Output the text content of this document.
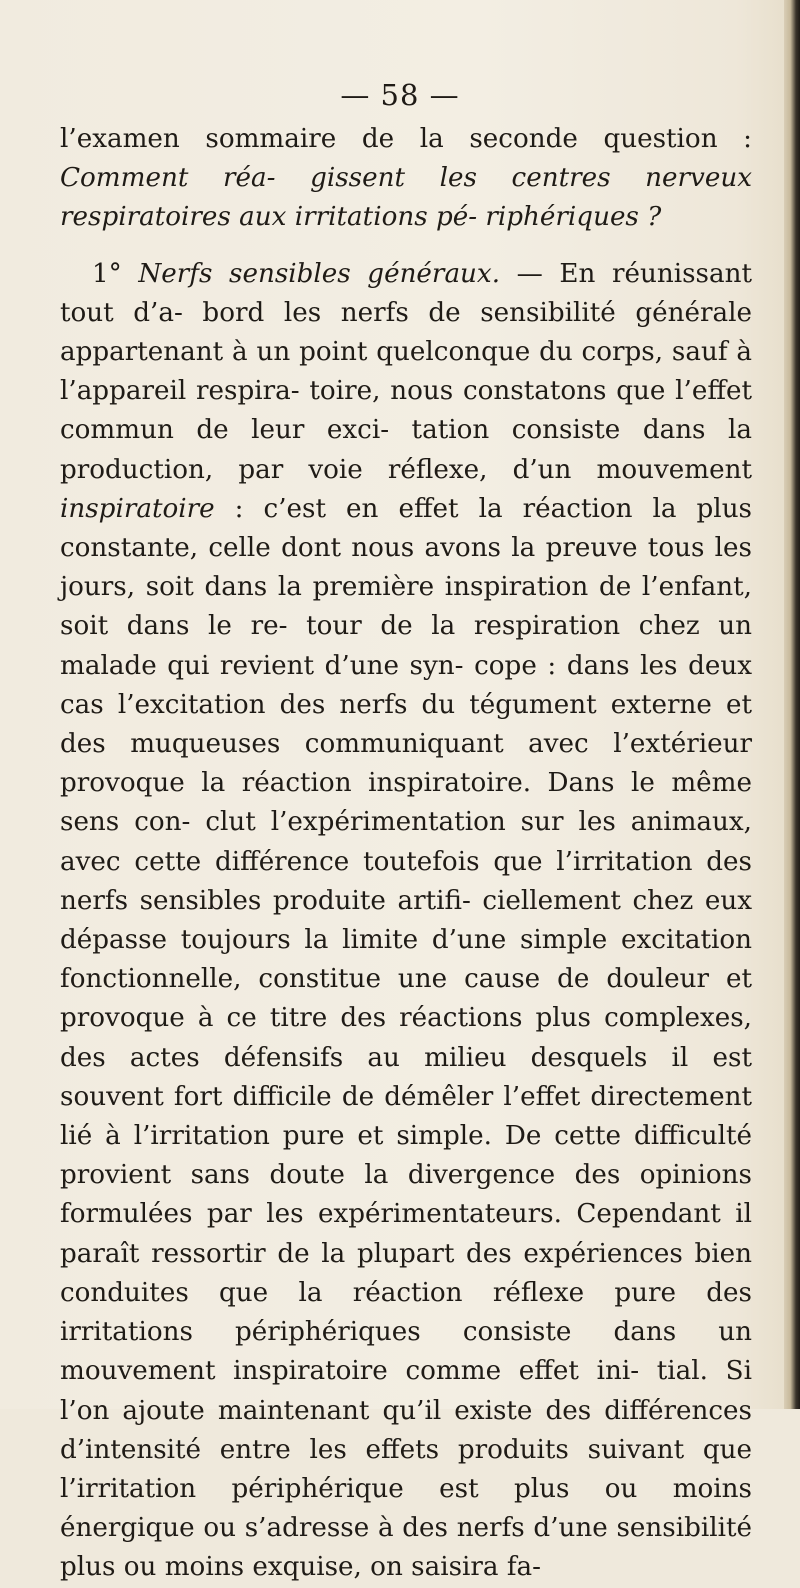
— 58 —

l’examen sommaire de la seconde question : Comment réa- gissent les centres nerveux respiratoires aux irritations pé- riphériques ?

1° Nerfs sensibles généraux. — En réunissant tout d’a- bord les nerfs de sensibilité générale appartenant à un point quelconque du corps, sauf à l’appareil respira- toire, nous constatons que l’effet commun de leur exci- tation consiste dans la production, par voie réflexe, d’un mouvement inspiratoire : c’est en effet la réaction la plus constante, celle dont nous avons la preuve tous les jours, soit dans la première inspiration de l’enfant, soit dans le re- tour de la respiration chez un malade qui revient d’une syn- cope : dans les deux cas l’excitation des nerfs du tégument externe et des muqueuses communiquant avec l’extérieur provoque la réaction inspiratoire. Dans le même sens con- clut l’expérimentation sur les animaux, avec cette différence toutefois que l’irritation des nerfs sensibles produite artifi- ciellement chez eux dépasse toujours la limite d’une simple excitation fonctionnelle, constitue une cause de douleur et provoque à ce titre des réactions plus complexes, des actes défensifs au milieu desquels il est souvent fort difficile de démêler l’effet directement lié à l’irritation pure et simple. De cette difficulté provient sans doute la divergence des opinions formulées par les expérimentateurs. Cependant il paraît ressortir de la plupart des expériences bien conduites que la réaction réflexe pure des irritations périphériques consiste dans un mouvement inspiratoire comme effet ini- tial. Si l’on ajoute maintenant qu’il existe des différences d’intensité entre les effets produits suivant que l’irritation périphérique est plus ou moins énergique ou s’adresse à des nerfs d’une sensibilité plus ou moins exquise, on saisira fa-
